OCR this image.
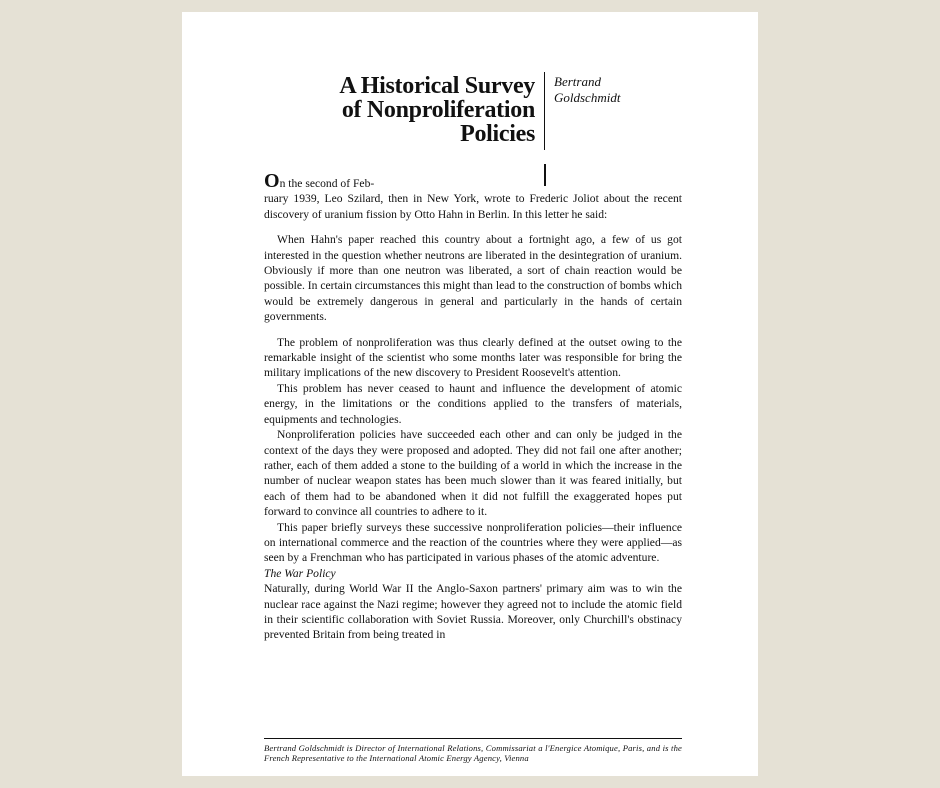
A Historical Survey
of Nonproliferation
Policies
Bertrand
Goldschmidt

On the second of Feb-

ruary 1939, Leo Szilard, then in New York, wrote to Frederic Joliot about the recent discovery of uranium fission by Otto Hahn in Berlin. In this letter he said:

When Hahn's paper reached this country about a fortnight ago, a few of us got interested in the question whether neutrons are liberated in the desintegration of uranium. Obviously if more than one neutron was liberated, a sort of chain reaction would be possible. In certain circumstances this might than lead to the construction of bombs which would be extremely dangerous in general and particularly in the hands of certain governments.

The problem of nonproliferation was thus clearly defined at the outset owing to the remarkable insight of the scientist who some months later was responsible for bring the military implications of the new discovery to President Roosevelt's attention.

This problem has never ceased to haunt and influence the development of atomic energy, in the limitations or the conditions applied to the transfers of materials, equipments and technologies.

Nonproliferation policies have succeeded each other and can only be judged in the context of the days they were proposed and adopted. They did not fail one after another; rather, each of them added a stone to the building of a world in which the increase in the number of nuclear weapon states has been much slower than it was feared initially, but each of them had to be abandoned when it did not fulfill the exaggerated hopes put forward to convince all countries to adhere to it.

This paper briefly surveys these successive nonproliferation policies—their influence on international commerce and the reaction of the countries where they were applied—as seen by a Frenchman who has participated in various phases of the atomic adventure.

The War Policy

Naturally, during World War II the Anglo-Saxon partners' primary aim was to win the nuclear race against the Nazi regime; however they agreed not to include the atomic field in their scientific collaboration with Soviet Russia. Moreover, only Churchill's obstinacy prevented Britain from being treated in

Bertrand Goldschmidt is Director of International Relations, Commissariat a l'Energice Atomique, Paris, and is the French Representative to the International Atomic Energy Agency, Vienna
